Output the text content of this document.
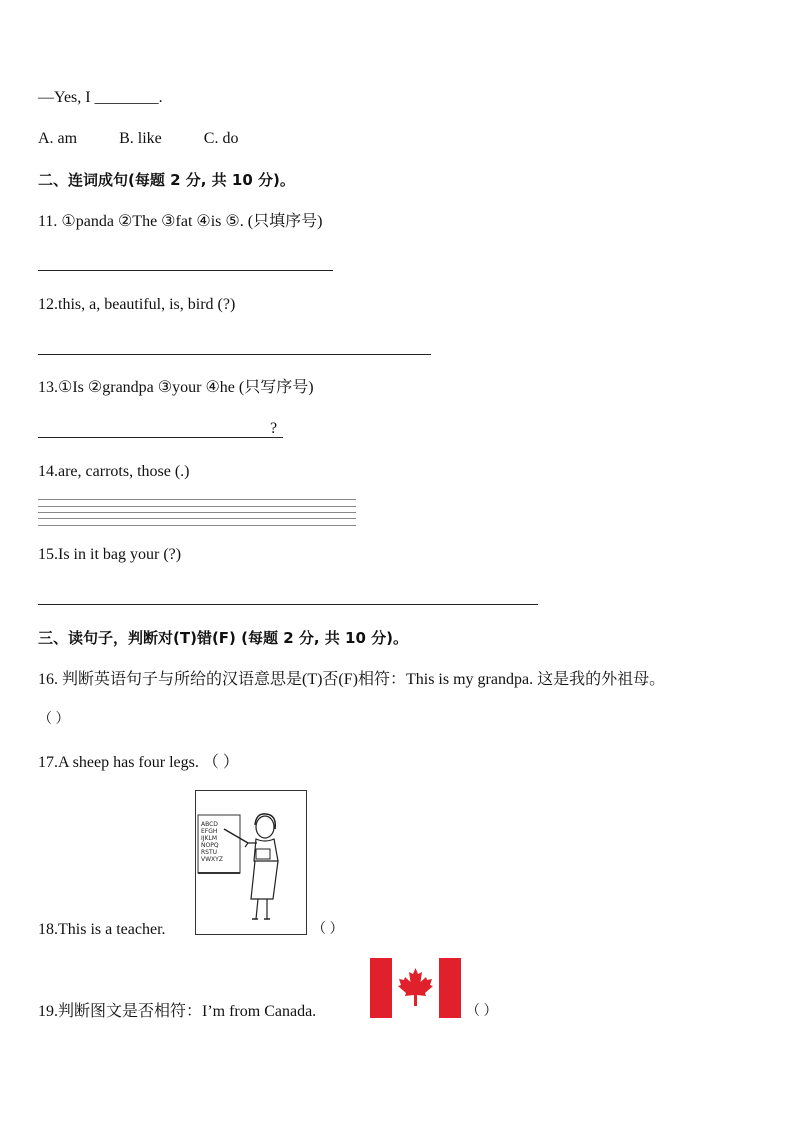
—Yes, I ________.
A. am	B. like	C. do
二、连词成句(每题 2 分, 共 10 分)。
11. ①panda ②The ③fat ④is ⑤. (只填序号)
12.this, a, beautiful, is, bird (?)
13.①Is ②grandpa ③your ④he (只写序号)
?
14.are, carrots, those (.)
15.Is in it bag your (?)
三、读句子，判断对(T)错(F) (每题 2 分, 共 10 分)。
16. 判断英语句子与所给的汉语意思是(T)否(F)相符：This is my grandpa. 这是我的外祖母。
（ ）
17.A sheep has four legs. （ ）
18.This is a teacher.
ABCD
EFGH
IJKLM
NOPQ
RSTU
VWXYZ
（ ）
19.判断图文是否相符：I’m from Canada.	（ ）
